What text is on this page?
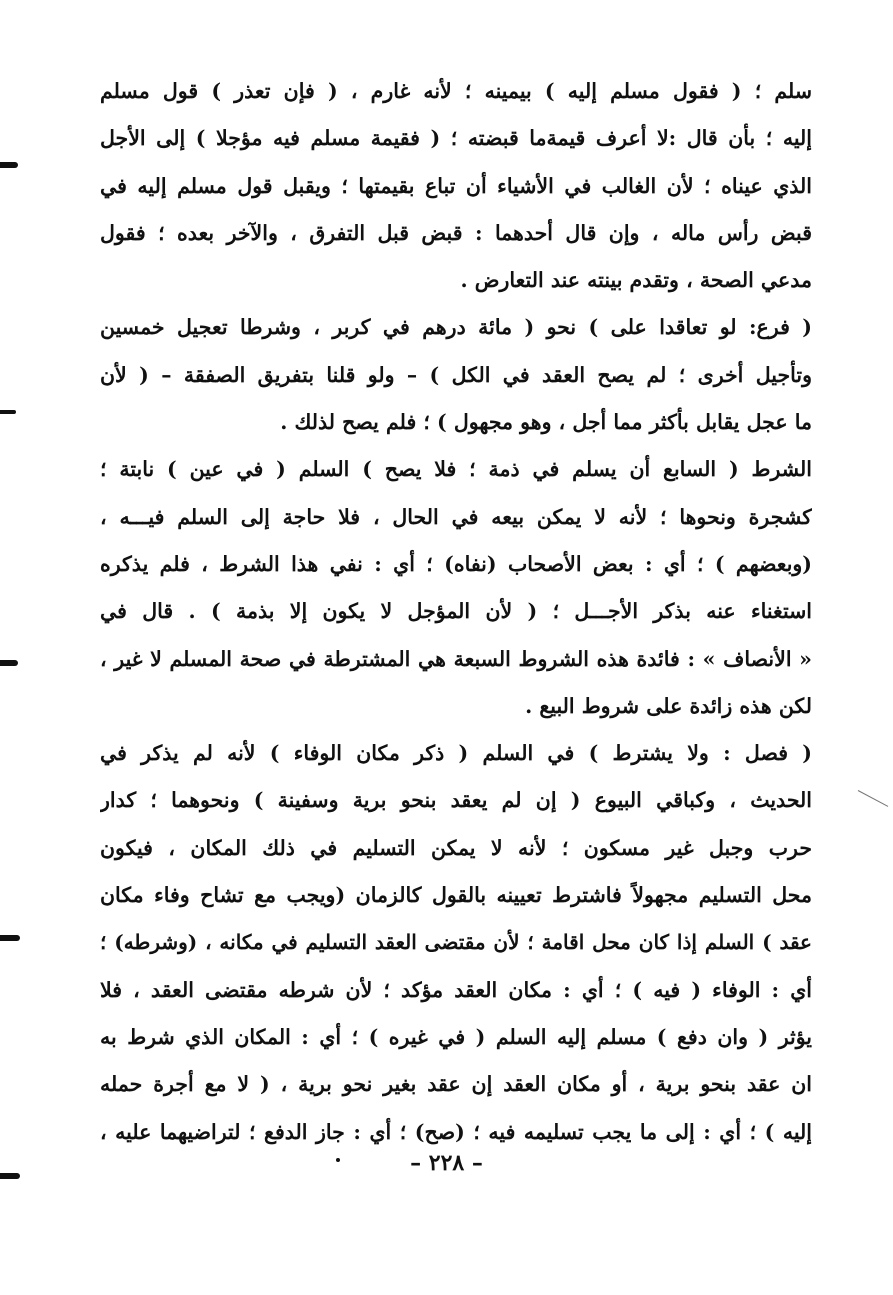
سلم ؛ ( فقول مسلم إليه ) بيمينه ؛ لأنه غارم ، ( فإن تعذر ) قول مسلم
إليه ؛ بأن قال :لا أعرف قيمةما قبضته ؛ ( فقيمة مسلم فيه مؤجلا ) إلى الأجل
الذي عيناه ؛ لأن الغالب في الأشياء أن تباع بقيمتها ؛ ويقبل قول مسلم إليه في
قبض رأس ماله ، وإن قال أحدهما : قبض قبل التفرق ، والآخر بعده ؛ فقول
مدعي الصحة ، وتقدم بينته عند التعارض .
( فرع: لو تعاقدا على ) نحو ( مائة درهم في كربر ، وشرطا تعجيل خمسين
وتأجيل أخرى ؛ لم يصح العقد في الكل ) – ولو قلنا بتفريق الصفقة – ( لأن
ما عجل يقابل بأكثر مما أجل ، وهو مجهول ) ؛ فلم يصح لذلك .
الشرط ( السابع أن يسلم في ذمة ؛ فلا يصح ) السلم ( في عين ) نابتة ؛
كشجرة ونحوها ؛ لأنه لا يمكن بيعه في الحال ، فلا حاجة إلى السلم فيـــه ،
(وبعضهم ) ؛ أي : بعض الأصحاب (نفاه) ؛ أي : نفي هذا الشرط ، فلم يذكره
استغناء عنه بذكر الأجـــل ؛ ( لأن المؤجل لا يكون إلا بذمة ) . قال في
« الأنصاف » : فائدة هذه الشروط السبعة هي المشترطة في صحة المسلم لا غير ،
لكن هذه زائدة على شروط البيع .
( فصل : ولا يشترط ) في السلم ( ذكر مكان الوفاء ) لأنه لم يذكر في
الحديث ، وكباقي البيوع ( إن لم يعقد بنحو برية وسفينة ) ونحوهما ؛ كدار
حرب وجبل غير مسكون ؛ لأنه لا يمكن التسليم في ذلك المكان ، فيكون
محل التسليم مجهولاً فاشترط تعيينه بالقول كالزمان (ويجب مع تشاح وفاء مكان
عقد ) السلم إذا كان محل اقامة ؛ لأن مقتضى العقد التسليم في مكانه ، (وشرطه) ؛
أي : الوفاء ( فيه ) ؛ أي : مكان العقد مؤكد ؛ لأن شرطه مقتضى العقد ، فلا
يؤثر ( وان دفع ) مسلم إليه السلم ( في غيره ) ؛ أي : المكان الذي شرط به
ان عقد بنحو برية ، أو مكان العقد إن عقد بغير نحو برية ، ( لا مع أجرة حمله
إليه ) ؛ أي : إلى ما يجب تسليمه فيه ؛ (صح) ؛ أي : جاز الدفع ؛ لتراضيهما عليه ،
– ٢٢٨ –
